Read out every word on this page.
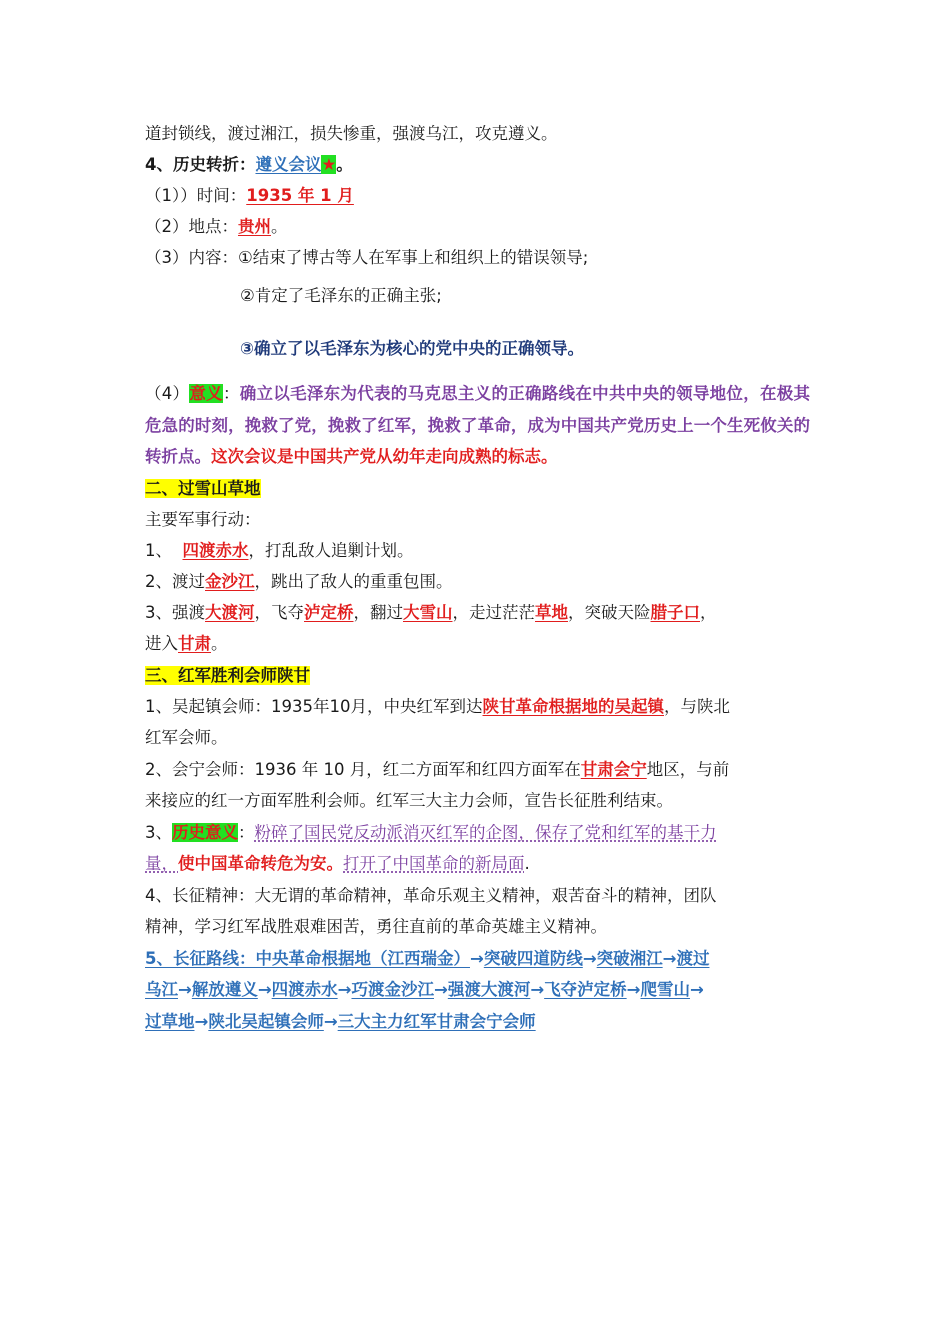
道封锁线，渡过湘江，损失惨重，强渡乌江，攻克遵义。
4、历史转折：遵义会议★。
（1））时间：1935 年 1 月
（2）地点：贵州。
（3）内容：①结束了博古等人在军事上和组织上的错误领导;
②肯定了毛泽东的正确主张;
③确立了以毛泽东为核心的党中央的正确领导。
（4）意义：确立以毛泽东为代表的马克思主义的正确路线在中共中央的领导地位，在极其危急的时刻，挽救了党，挽救了红军，挽救了革命，成为中国共产党历史上一个生死攸关的转折点。这次会议是中国共产党从幼年走向成熟的标志。
二、过雪山草地
主要军事行动：
1、  四渡赤水，打乱敌人追剿计划。
2、渡过金沙江，跳出了敌人的重重包围。
3、强渡大渡河，飞夺泸定桥，翻过大雪山，走过茫茫草地，突破天险腊子口，
进入甘肃。
三、红军胜利会师陕甘
1、吴起镇会师：1935年10月，中央红军到达陕甘革命根据地的吴起镇，与陕北
红军会师。
2、会宁会师：1936 年 10 月，红二方面军和红四方面军在甘肃会宁地区，与前
来接应的红一方面军胜利会师。红军三大主力会师，宣告长征胜利结束。
3、历史意义：粉碎了国民党反动派消灭红军的企图，保存了党和红军的基干力
量，使中国革命转危为安。打开了中国革命的新局面.
4、长征精神：大无谓的革命精神，革命乐观主义精神，艰苦奋斗的精神，团队
精神，学习红军战胜艰难困苦，勇往直前的革命英雄主义精神。
5、长征路线：中央革命根据地（江西瑞金）→突破四道防线→突破湘江→渡过
乌江→解放遵义→四渡赤水→巧渡金沙江→强渡大渡河→飞夺泸定桥→爬雪山→
过草地→陕北吴起镇会师→三大主力红军甘肃会宁会师
